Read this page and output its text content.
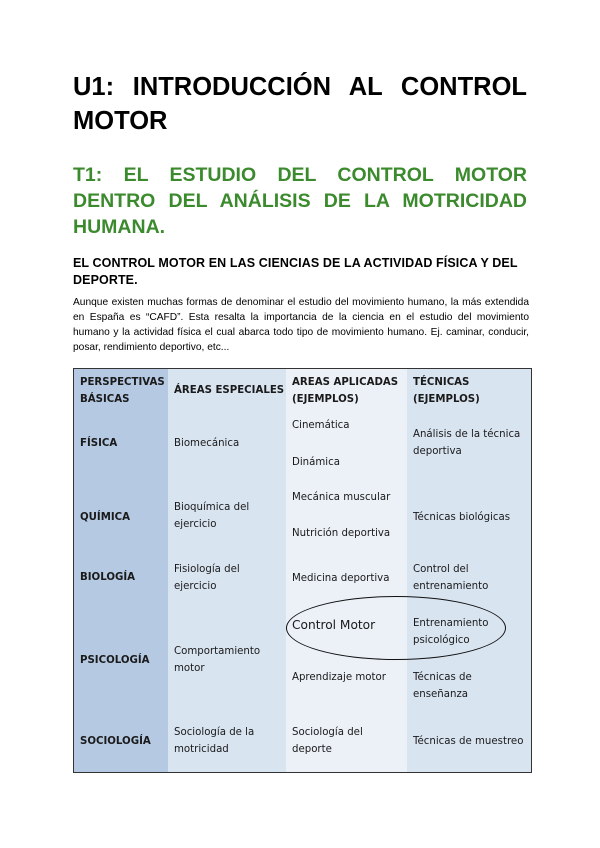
U1: INTRODUCCIÓN AL CONTROL MOTOR
T1: EL ESTUDIO DEL CONTROL MOTOR DENTRO DEL ANÁLISIS DE LA MOTRICIDAD HUMANA.
EL CONTROL MOTOR EN LAS CIENCIAS DE LA ACTIVIDAD FÍSICA Y DEL DEPORTE.
Aunque existen muchas formas de denominar el estudio del movimiento humano, la más extendida en España es “CAFD”. Esta resalta la importancia de la ciencia en el estudio del movimiento humano y la actividad física el cual abarca todo tipo de movimiento humano. Ej. caminar, conducir, posar, rendimiento deportivo, etc...
PERSPECTIVAS
BÁSICAS
ÁREAS ESPECIALES
AREAS APLICADAS
(EJEMPLOS)
TÉCNICAS
(EJEMPLOS)
FÍSICA	Biomecánica
Cinemática
Dinámica
Análisis de la técnica
deportiva
QUÍMICA
Bioquímica del
ejercicio
Mecánica muscular
Nutrición deportiva
Técnicas biológicas
BIOLOGÍA
Fisiología del
ejercicio
Medicina deportiva
Control del
entrenamiento
PSICOLOGÍA
Comportamiento
motor
Control Motor
Aprendizaje motor
Entrenamiento
psicológico
Técnicas de
enseñanza
SOCIOLOGÍA
Sociología de la
motricidad
Sociología del
deporte
Técnicas de muestreo
